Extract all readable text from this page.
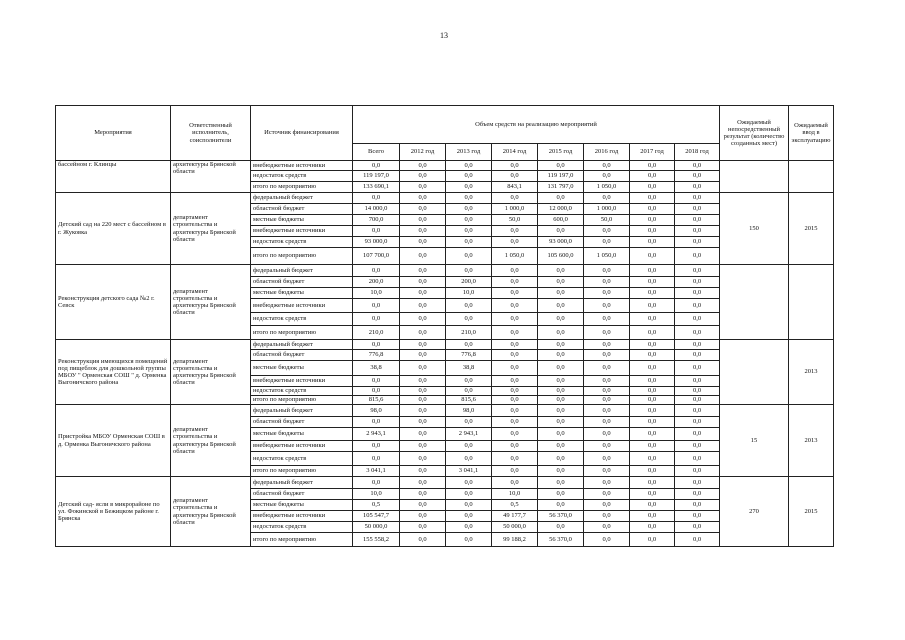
13
Мероприятия	Ответственный исполнитель, соисполнители	Источник финансирования	Объем средств на реализацию мероприятий								Ожидаемый непосредственный результат (количество созданных мест)	Ожидаемый ввод в эксплуатацию
			Всего	2012 год	2013 год	2014 год	2015 год	2016 год	2017 год	2018 год		
бассейном г. Клинцы	архитектуры Брянской области	внебюджетные источники	0,0	0,0	0,0	0,0	0,0	0,0	0,0	0,0		
		недостаток средств	119 197,0	0,0	0,0	0,0	119 197,0	0,0	0,0	0,0		
		итого по мероприятию	133 690,1	0,0	0,0	843,1	131 797,0	1 050,0	0,0	0,0		
Детский сад на 220 мест с бассейном в г. Жуковка	департамент строительства и архитектуры Брянской области	федеральный бюджет	0,0	0,0	0,0	0,0	0,0	0,0	0,0	0,0	150	2015
		областной бюджет	14 000,0	0,0	0,0	1 000,0	12 000,0	1 000,0	0,0	0,0		
		местные бюджеты	700,0	0,0	0,0	50,0	600,0	50,0	0,0	0,0		
		внебюджетные источники	0,0	0,0	0,0	0,0	0,0	0,0	0,0	0,0		
		недостаток средств	93 000,0	0,0	0,0	0,0	93 000,0	0,0	0,0	0,0		
		итого по мероприятию	107 700,0	0,0	0,0	1 050,0	105 600,0	1 050,0	0,0	0,0		
Реконструкция детского сада №2 г. Севск	департамент строительства и архитектуры Брянской области	федеральный бюджет	0,0	0,0	0,0	0,0	0,0	0,0	0,0	0,0		
		областной бюджет	200,0	0,0	200,0	0,0	0,0	0,0	0,0	0,0		
		местные бюджеты	10,0	0,0	10,0	0,0	0,0	0,0	0,0	0,0		
		внебюджетные источники	0,0	0,0	0,0	0,0	0,0	0,0	0,0	0,0		
		недостаток средств	0,0	0,0	0,0	0,0	0,0	0,0	0,0	0,0		
		итого по мероприятию	210,0	0,0	210,0	0,0	0,0	0,0	0,0	0,0		
Реконструкция имеющихся помещений под пищеблок для дошкольной группы МБОУ " Орменская СОШ " д. Орменка Выгоничского района	департамент строительства и архитектуры Брянской области	федеральный бюджет	0,0	0,0	0,0	0,0	0,0	0,0	0,0	0,0		2013
		областной бюджет	776,8	0,0	776,8	0,0	0,0	0,0	0,0	0,0		
		местные бюджеты	38,8	0,0	38,8	0,0	0,0	0,0	0,0	0,0		
		внебюджетные источники	0,0	0,0	0,0	0,0	0,0	0,0	0,0	0,0		
		недостаток средств	0,0	0,0	0,0	0,0	0,0	0,0	0,0	0,0		
		итого по мероприятию	815,6	0,0	815,6	0,0	0,0	0,0	0,0	0,0		
Пристройка МБОУ Орменская СОШ в д. Орменка Выгоничского района	департамент строительства и архитектуры Брянской области	федеральный бюджет	98,0	0,0	98,0	0,0	0,0	0,0	0,0	0,0	15	2013
		областной бюджет	0,0	0,0	0,0	0,0	0,0	0,0	0,0	0,0		
		местные бюджеты	2 943,1	0,0	2 943,1	0,0	0,0	0,0	0,0	0,0		
		внебюджетные источники	0,0	0,0	0,0	0,0	0,0	0,0	0,0	0,0		
		недостаток средств	0,0	0,0	0,0	0,0	0,0	0,0	0,0	0,0		
		итого по мероприятию	3 041,1	0,0	3 041,1	0,0	0,0	0,0	0,0	0,0		
Детский сад- ясли в микрорайоне по ул. Фокинской в Бежицком районе г. Брянска	департамент строительства и архитектуры Брянской области	федеральный бюджет	0,0	0,0	0,0	0,0	0,0	0,0	0,0	0,0	270	2015
		областной бюджет	10,0	0,0	0,0	10,0	0,0	0,0	0,0	0,0		
		местные бюджеты	0,5	0,0	0,0	0,5	0,0	0,0	0,0	0,0		
		внебюджетные источники	105 547,7	0,0	0,0	49 177,7	56 370,0	0,0	0,0	0,0		
		недостаток средств	50 000,0	0,0	0,0	50 000,0	0,0	0,0	0,0	0,0		
		итого по мероприятию	155 558,2	0,0	0,0	99 188,2	56 370,0	0,0	0,0	0,0		
